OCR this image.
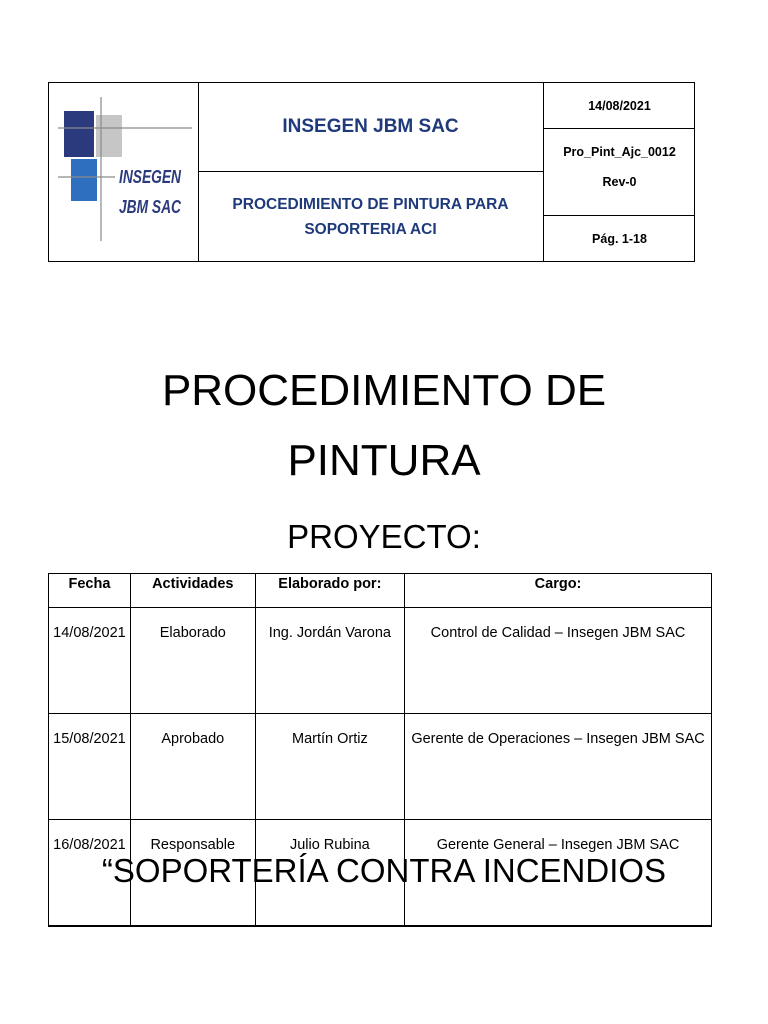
INSEGEN
JBM SAC
INSEGEN JBM SAC
PROCEDIMIENTO DE PINTURA PARA SOPORTERIA ACI
14/08/2021
Pro_Pint_Ajc_0012
Rev-0
Pág. 1-18
PROCEDIMIENTO DE
PINTURA
PROYECTO:
Fecha	Actividades	Elaborado por:	Cargo:
14/08/2021	Elaborado	Ing. Jordán Varona	Control de Calidad – Insegen JBM SAC
15/08/2021	Aprobado	Martín Ortiz	Gerente de Operaciones – Insegen JBM SAC
16/08/2021	Responsable	Julio Rubina	Gerente General – Insegen JBM SAC
“SOPORTERÍA CONTRA INCENDIOS
